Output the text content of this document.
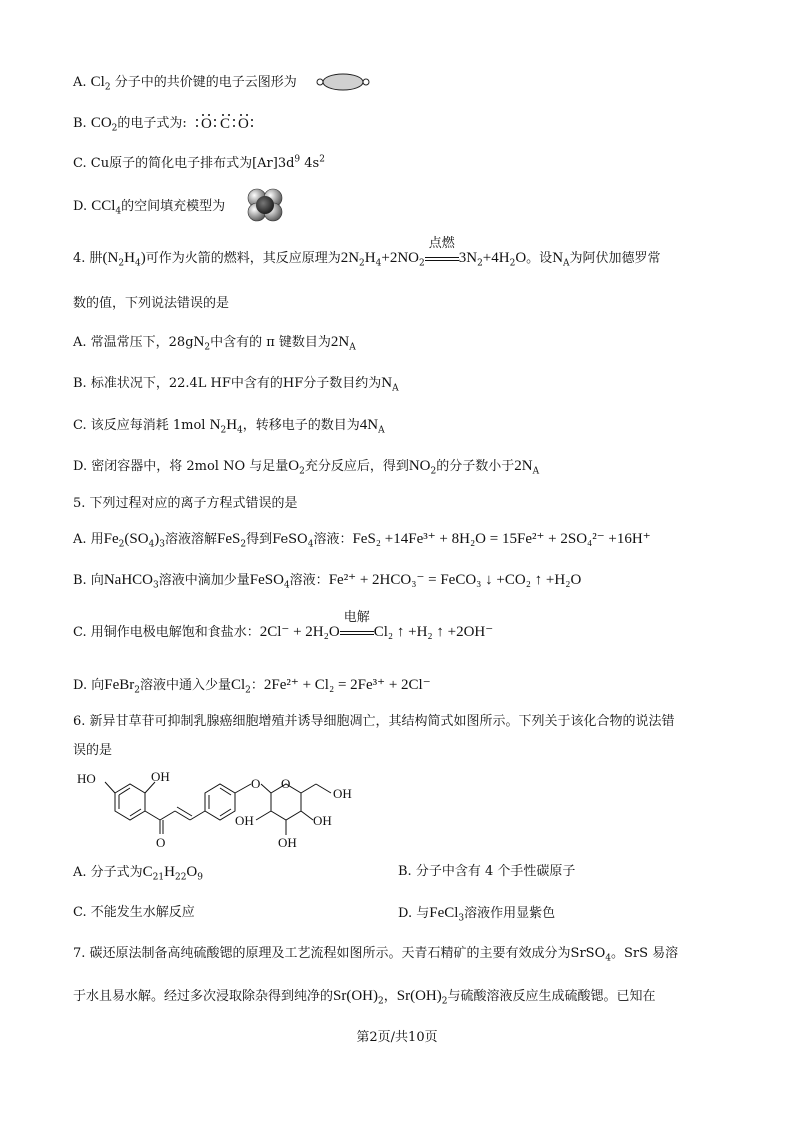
A. $Cl_2$ 分子中的共价键的电子云图形为
B. $CO_2$的电子式为: O C O
C. Cu原子的简化电子排布式为$[Ar]3d^9$ $4s^2$
D. CCl$_4$的空间填充模型为
4. 肼$(N_2H_4)$可作为火箭的燃料，其反应原理为$2N_2H_4+2NO_2$
点燃
$3N_2+4H_2O$。设$N_A$为阿伏加德罗常
数的值，下列说法错误的是
A. 常温常压下，$28gN_2$中含有的 π 键数目为$2N_A$
B. 标准状况下，22.4L HF中含有的HF分子数目约为$N_A$
C. 该反应每消耗 1mol $N_2H_4$，转移电子的数目为$4N_A$
D. 密闭容器中，将 2mol NO 与足量$O_2$充分反应后，得到$NO_2$的分子数小于$2N_A$
5. 下列过程对应的离子方程式错误的是
A. 用$Fe_2(SO_4)_3$溶液溶解FeS$_2$得到FeSO$_4$溶液：FeS₂ +14Fe³⁺ + 8H₂O = 15Fe²⁺ + 2SO₄²⁻ +16H⁺
B. 向NaHCO$_3$溶液中滴加少量FeSO$_4$溶液：Fe²⁺ + 2HCO₃⁻ = FeCO₃ ↓ +CO₂ ↑ +H₂O
C. 用铜作电极电解饱和食盐水：2Cl⁻ + 2H₂O
电解
Cl₂ ↑ +H₂ ↑ +2OH⁻
D. 向FeBr$_2$溶液中通入少量$Cl_2$：2Fe²⁺ + Cl₂ = 2Fe³⁺ + 2Cl⁻
6. 新异甘草苷可抑制乳腺癌细胞增殖并诱导细胞凋亡，其结构简式如图所示。下列关于该化合物的说法错
误的是
HO	OH
O
O O
OH
OH	OH
OH
A. 分子式为$C_{21}H_{22}O_9$	B. 分子中含有 4 个手性碳原子
C. 不能发生水解反应	D. 与FeCl$_3$溶液作用显紫色
7. 碳还原法制备高纯硫酸锶的原理及工艺流程如图所示。天青石精矿的主要有效成分为SrSO$_4$。SrS 易溶
于水且易水解。经过多次浸取除杂得到纯净的$Sr(OH)_2$，$Sr(OH)_2$与硫酸溶液反应生成硫酸锶。已知在
第2页/共10页
